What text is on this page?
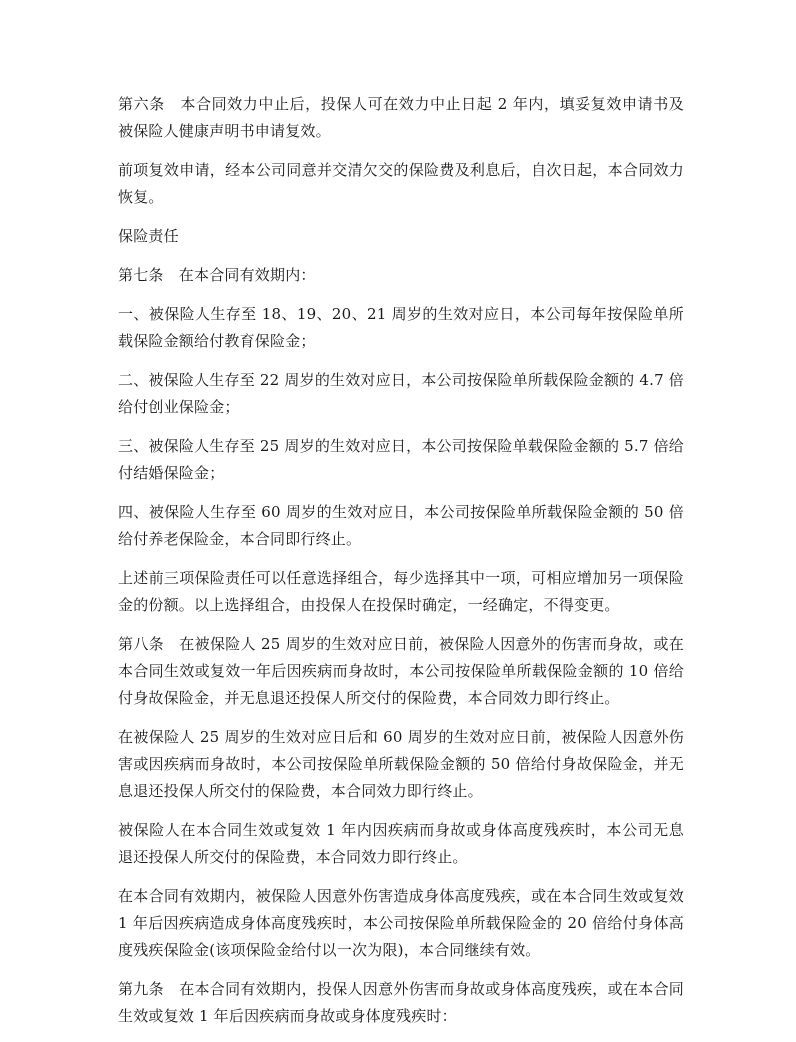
第六条　本合同效力中止后，投保人可在效力中止日起 2 年内，填妥复效申请书及被保险人健康声明书申请复效。

前项复效申请，经本公司同意并交清欠交的保险费及利息后，自次日起，本合同效力恢复。

保险责任

第七条　在本合同有效期内：

一、被保险人生存至 18、19、20、21 周岁的生效对应日，本公司每年按保险单所载保险金额给付教育保险金；

二、被保险人生存至 22 周岁的生效对应日，本公司按保险单所载保险金额的 4.7 倍给付创业保险金；

三、被保险人生存至 25 周岁的生效对应日，本公司按保险单载保险金额的 5.7 倍给付结婚保险金；

四、被保险人生存至 60 周岁的生效对应日，本公司按保险单所载保险金额的 50 倍给付养老保险金，本合同即行终止。

上述前三项保险责任可以任意选择组合，每少选择其中一项，可相应增加另一项保险金的份额。以上选择组合，由投保人在投保时确定，一经确定，不得变更。

第八条　在被保险人 25 周岁的生效对应日前，被保险人因意外的伤害而身故，或在本合同生效或复效一年后因疾病而身故时，本公司按保险单所载保险金额的 10 倍给付身故保险金，并无息退还投保人所交付的保险费，本合同效力即行终止。

在被保险人 25 周岁的生效对应日后和 60 周岁的生效对应日前，被保险人因意外伤害或因疾病而身故时，本公司按保险单所载保险金额的 50 倍给付身故保险金，并无息退还投保人所交付的保险费，本合同效力即行终止。

被保险人在本合同生效或复效 1 年内因疾病而身故或身体高度残疾时，本公司无息退还投保人所交付的保险费，本合同效力即行终止。

在本合同有效期内，被保险人因意外伤害造成身体高度残疾，或在本合同生效或复效 1 年后因疾病造成身体高度残疾时，本公司按保险单所载保险金的 20 倍给付身体高度残疾保险金(该项保险金给付以一次为限)，本合同继续有效。

第九条　在本合同有效期内，投保人因意外伤害而身故或身体高度残疾，或在本合同生效或复效 1 年后因疾病而身故或身体度残疾时：
